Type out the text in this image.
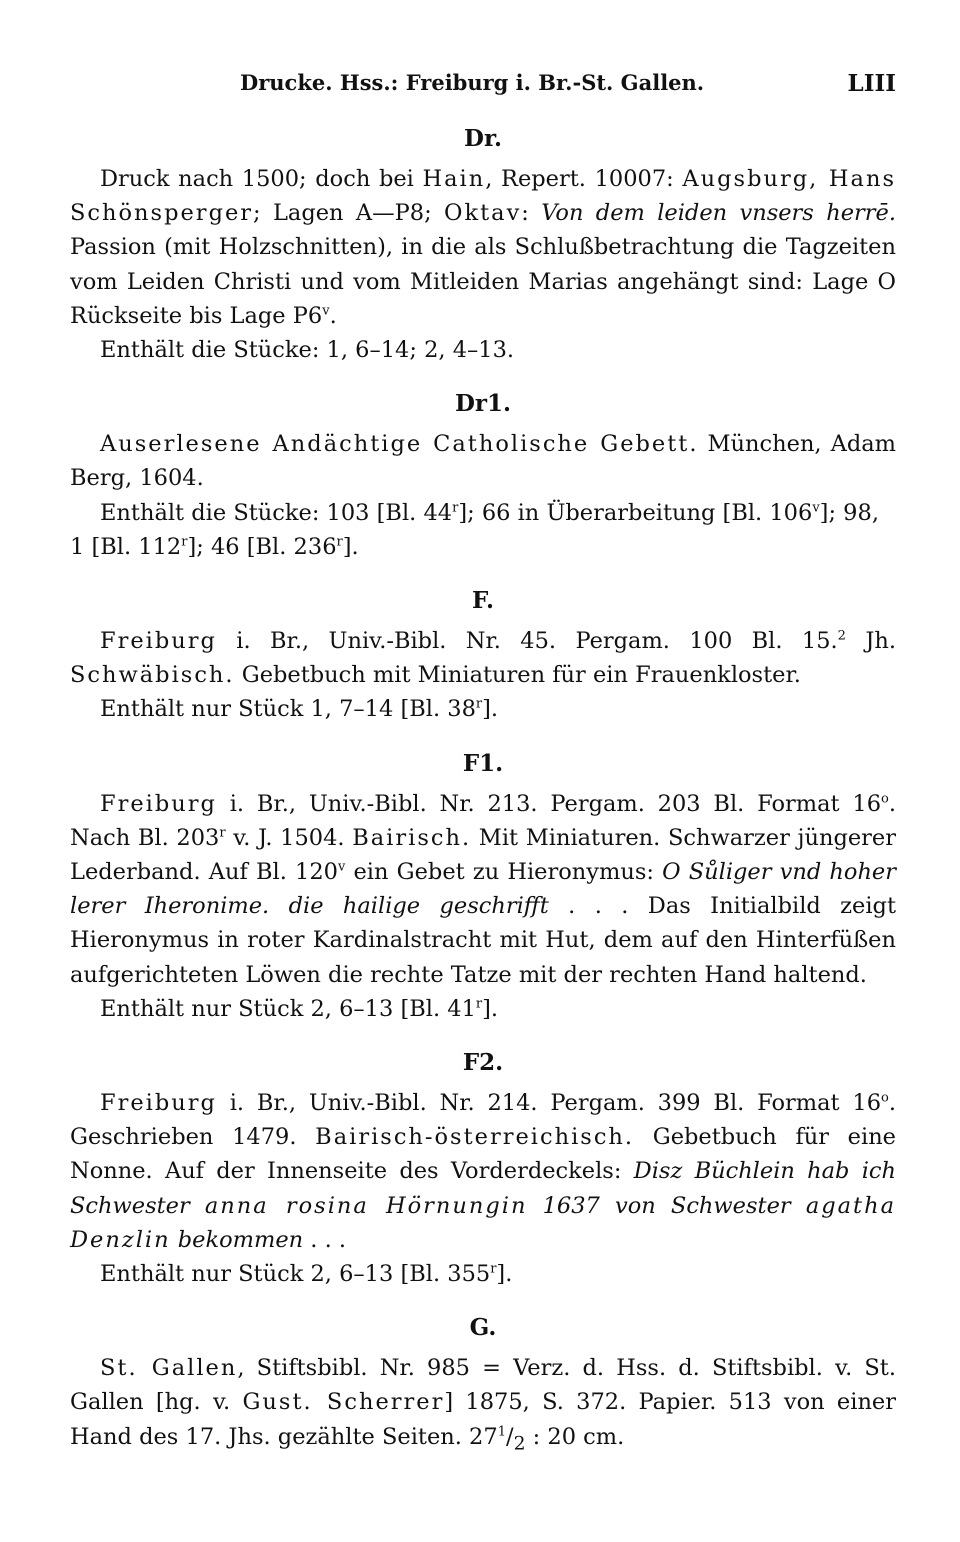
Drucke. Hss.: Freiburg i. Br.-St. Gallen.	LIII
Dr.

Druck nach 1500; doch bei Hain, Repert. 10007: Augsburg, Hans Schönsperger; Lagen A—P8; Oktav: Von dem leiden vnsers herrē. Passion (mit Holzschnitten), in die als Schlußbetrachtung die Tagzeiten vom Leiden Christi und vom Mitleiden Marias angehängt sind: Lage O Rückseite bis Lage P6$^v$.

Enthält die Stücke: 1, 6–14; 2, 4–13.

Dr1.

Auserlesene Andächtige Catholische Gebett. München, Adam Berg, 1604.

Enthält die Stücke: 103 [Bl. 44$^r$]; 66 in Überarbeitung [Bl. 106$^v$]; 98, 1 [Bl. 112$^r$]; 46 [Bl. 236$^r$].

F.

Freiburg i. Br., Univ.-Bibl. Nr. 45. Pergam. 100 Bl. 15.$^2$ Jh. Schwäbisch. Gebetbuch mit Miniaturen für ein Frauenkloster.

Enthält nur Stück 1, 7–14 [Bl. 38$^r$].

F1.

Freiburg i. Br., Univ.-Bibl. Nr. 213. Pergam. 203 Bl. Format 16$^o$. Nach Bl. 203$^r$ v. J. 1504. Bairisch. Mit Miniaturen. Schwarzer jüngerer Lederband. Auf Bl. 120$^v$ ein Gebet zu Hieronymus: O Sůliger vnd hoher lerer Iheronime. die hailige geschrifft . . . Das Initialbild zeigt Hieronymus in roter Kardinalstracht mit Hut, dem auf den Hinterfüßen aufgerichteten Löwen die rechte Tatze mit der rechten Hand haltend.

Enthält nur Stück 2, 6–13 [Bl. 41$^r$].

F2.

Freiburg i. Br., Univ.-Bibl. Nr. 214. Pergam. 399 Bl. Format 16$^o$. Geschrieben 1479. Bairisch-österreichisch. Gebetbuch für eine Nonne. Auf der Innenseite des Vorderdeckels: Disz Büchlein hab ich Schwester anna rosina Hörnungin 1637 von Schwester agatha Denzlin bekommen . . .

Enthält nur Stück 2, 6–13 [Bl. 355$^r$].

G.

St. Gallen, Stiftsbibl. Nr. 985 = Verz. d. Hss. d. Stiftsbibl. v. St. Gallen [hg. v. Gust. Scherrer] 1875, S. 372. Papier. 513 von einer Hand des 17. Jhs. gezählte Seiten. $27^1/_2$ : 20 cm.
